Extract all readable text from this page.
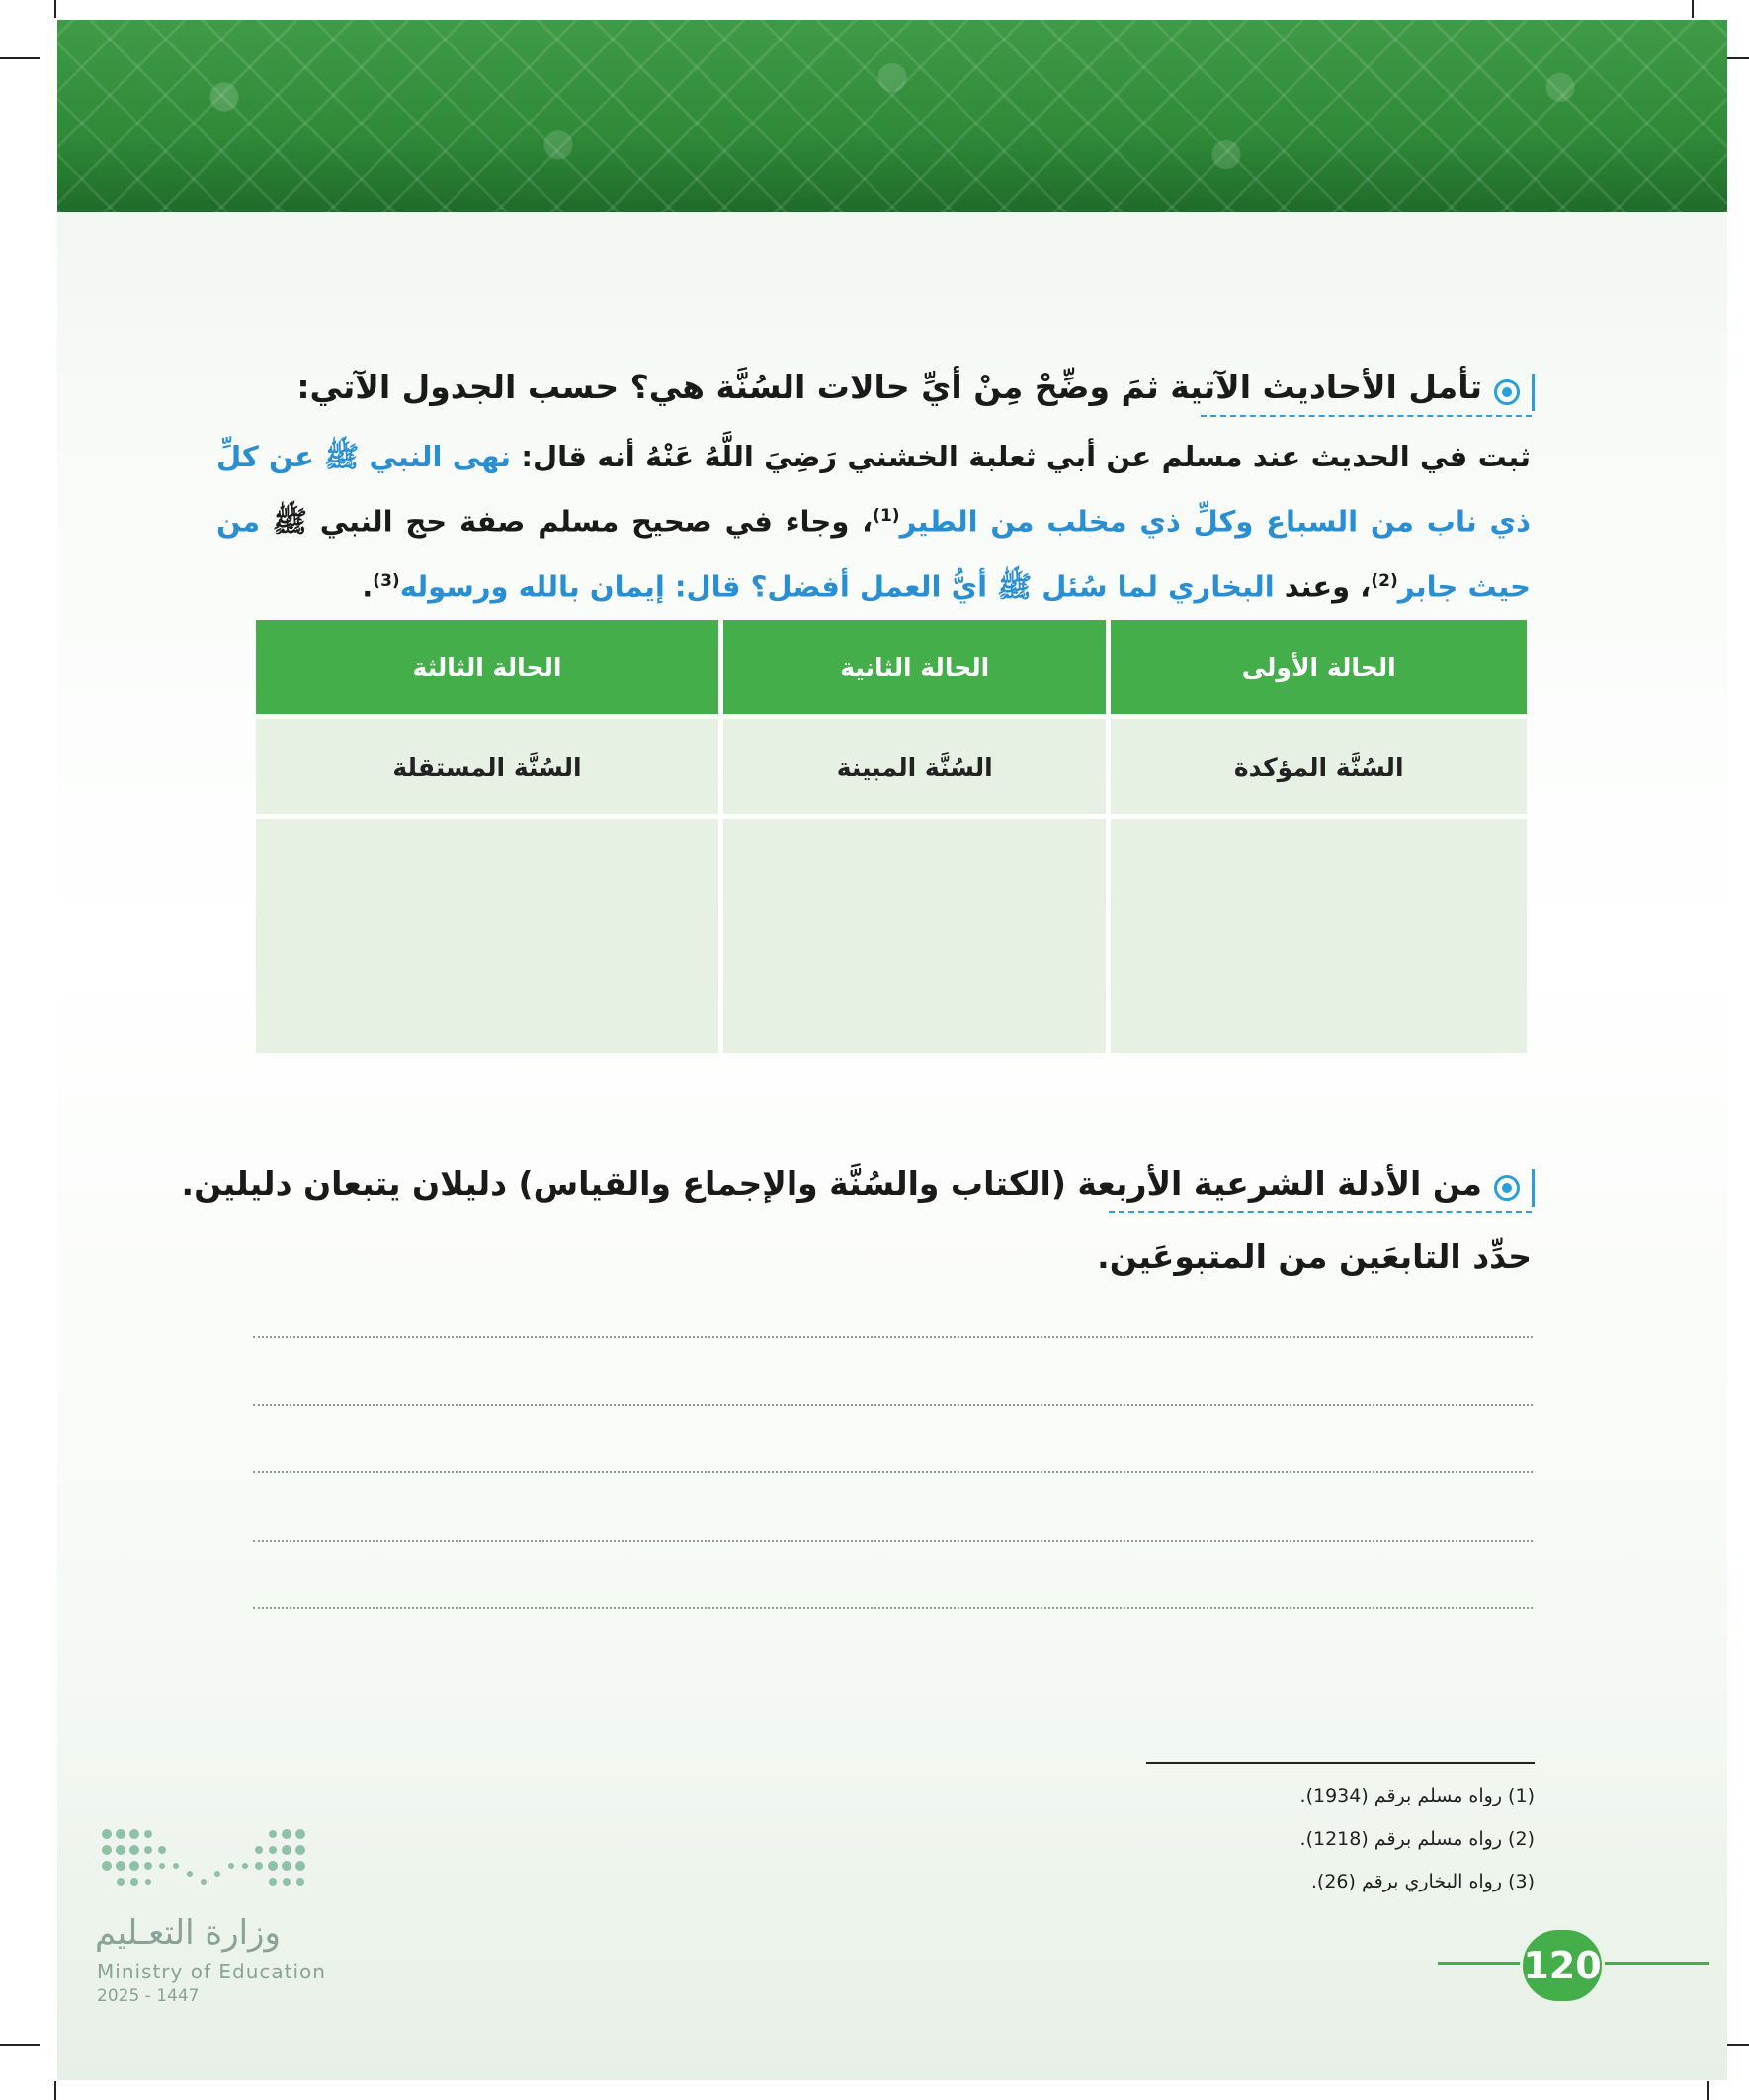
تأمل الأحاديث الآتية ثمَ وضِّحْ مِنْ أيِّ حالات السُنَّة هي؟ حسب الجدول الآتي:
ثبت في الحديث عند مسلم عن أبي ثعلبة الخشني رَضِيَ اللَّهُ عَنْهُ أنه قال: نهى النبي ﷺ عن كلِّ ذي ناب من السباع وكلِّ ذي مخلب من الطير$^{(1)}$، وجاء في صحيح مسلم صفة حج النبي ﷺ من حيث جابر$^{(2)}$، وعند البخاري لما سُئل ﷺ أيُّ العمل أفضل؟ قال: إيمان بالله ورسوله$^{(3)}$.
الحالة الأولى	الحالة الثانية	الحالة الثالثة
السُنَّة المؤكدة	السُنَّة المبينة	السُنَّة المستقلة

من الأدلة الشرعية الأربعة (الكتاب والسُنَّة والإجماع والقياس) دليلان يتبعان دليلين.
حدِّد التابعَين من المتبوعَين.
(1) رواه مسلم برقم (1934).
(2) رواه مسلم برقم (1218).
(3) رواه البخاري برقم (26).
وزارة التعـليم
Ministry of Education
2025 - 1447
120
